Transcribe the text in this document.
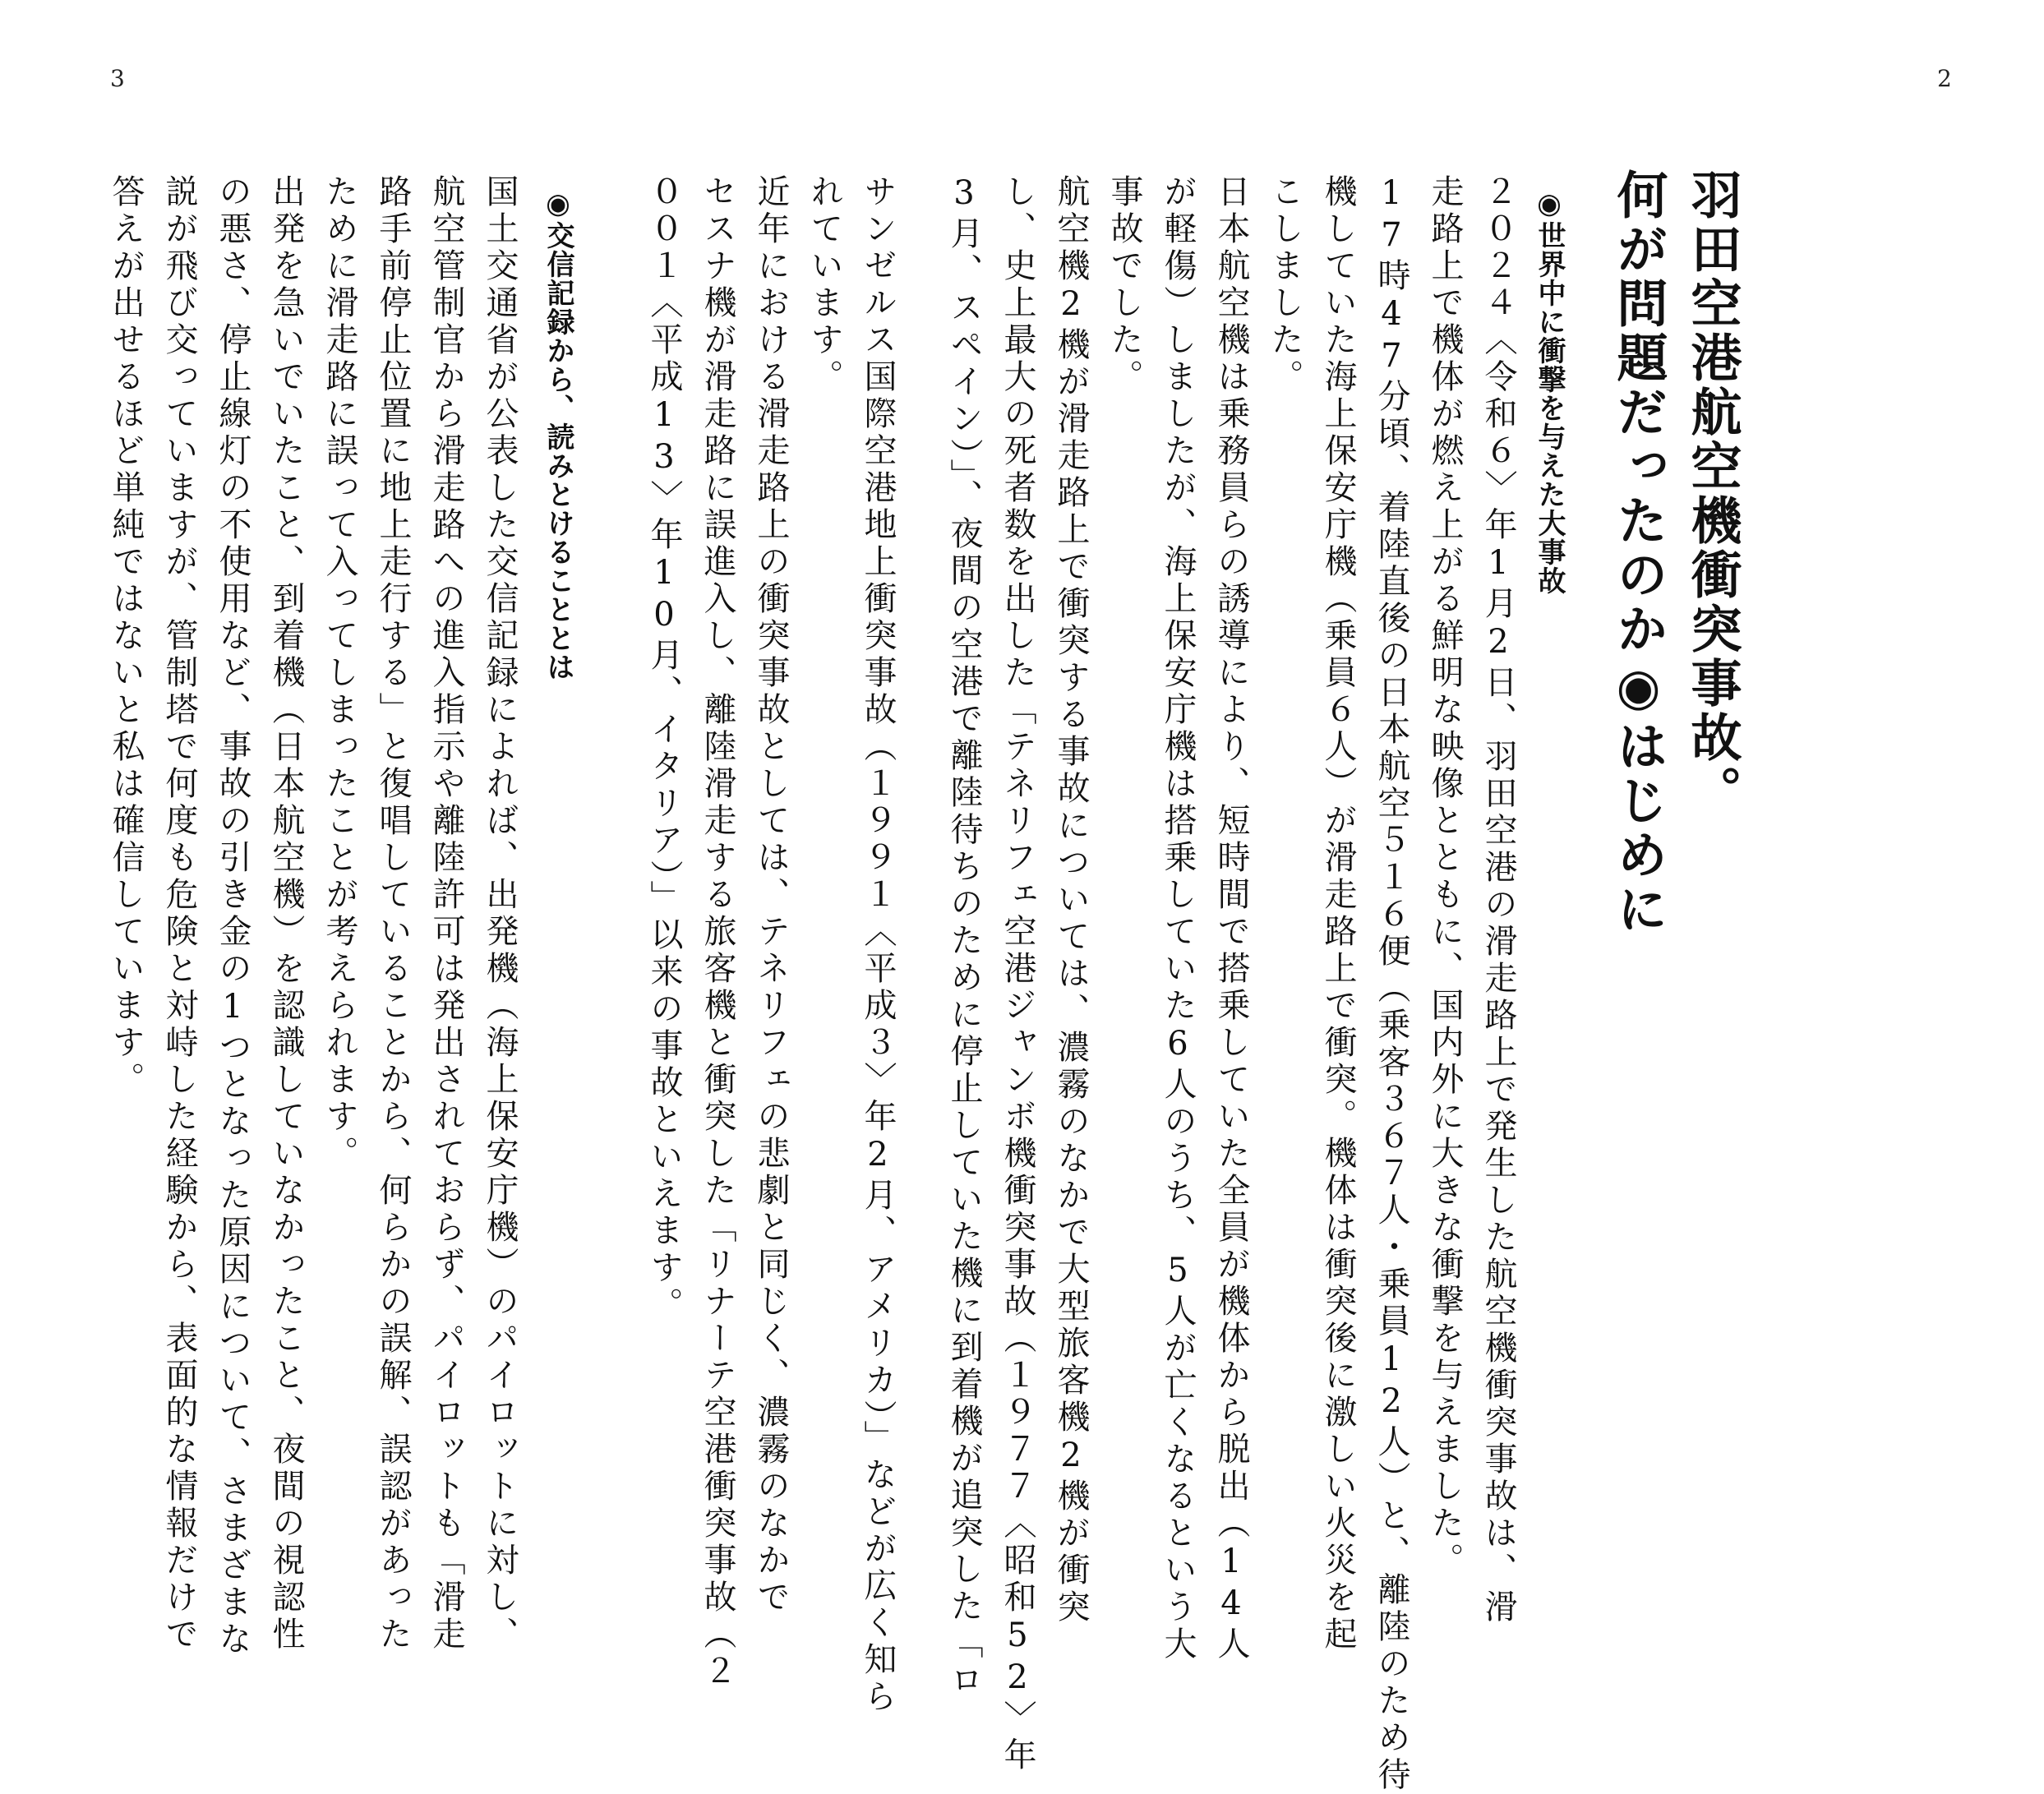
3	2
羽田空港航空機衝突事故。
何が問題だったのか◉はじめに
◉世界中に衝撃を与えた大事故
２０２４〈令和６〉年1月2日、羽田空港の滑走路上で発生した航空機衝突事故は、滑
走路上で機体が燃え上がる鮮明な映像とともに、国内外に大きな衝撃を与えました。
17時47分頃、着陸直後の日本航空５１６便（乗客３６７人・乗員12人）と、離陸のため待
機していた海上保安庁機（乗員６人）が滑走路上で衝突。機体は衝突後に激しい火災を起
こしました。
日本航空機は乗務員らの誘導により、短時間で搭乗していた全員が機体から脱出（14人
が軽傷）しましたが、海上保安庁機は搭乗していた6人のうち、5人が亡くなるという大
事故でした。
航空機2機が滑走路上で衝突する事故については、濃霧のなかで大型旅客機2機が衝突
し、史上最大の死者数を出した「テネリフェ空港ジャンボ機衝突事故（１９７７〈昭和52〉年
3月、スペイン）」、夜間の空港で離陸待ちのために停止していた機に到着機が追突した「ロ
サンゼルス国際空港地上衝突事故（１９９１〈平成３〉年2月、アメリカ）」などが広く知ら
れています。
近年における滑走路上の衝突事故としては、テネリフェの悲劇と同じく、濃霧のなかで
セスナ機が滑走路に誤進入し、離陸滑走する旅客機と衝突した「リナーテ空港衝突事故（２
００１〈平成13〉年10月、イタリア）」以来の事故といえます。
◉交信記録から、読みとけることとは
国土交通省が公表した交信記録によれば、出発機（海上保安庁機）のパイロットに対し、
航空管制官から滑走路への進入指示や離陸許可は発出されておらず、パイロットも「滑走
路手前停止位置に地上走行する」と復唱していることから、何らかの誤解、誤認があった
ために滑走路に誤って入ってしまったことが考えられます。
出発を急いでいたこと、到着機（日本航空機）を認識していなかったこと、夜間の視認性
の悪さ、停止線灯の不使用など、事故の引き金の1つとなった原因について、さまざまな
説が飛び交っていますが、管制塔で何度も危険と対峙した経験から、表面的な情報だけで
答えが出せるほど単純ではないと私は確信しています。
